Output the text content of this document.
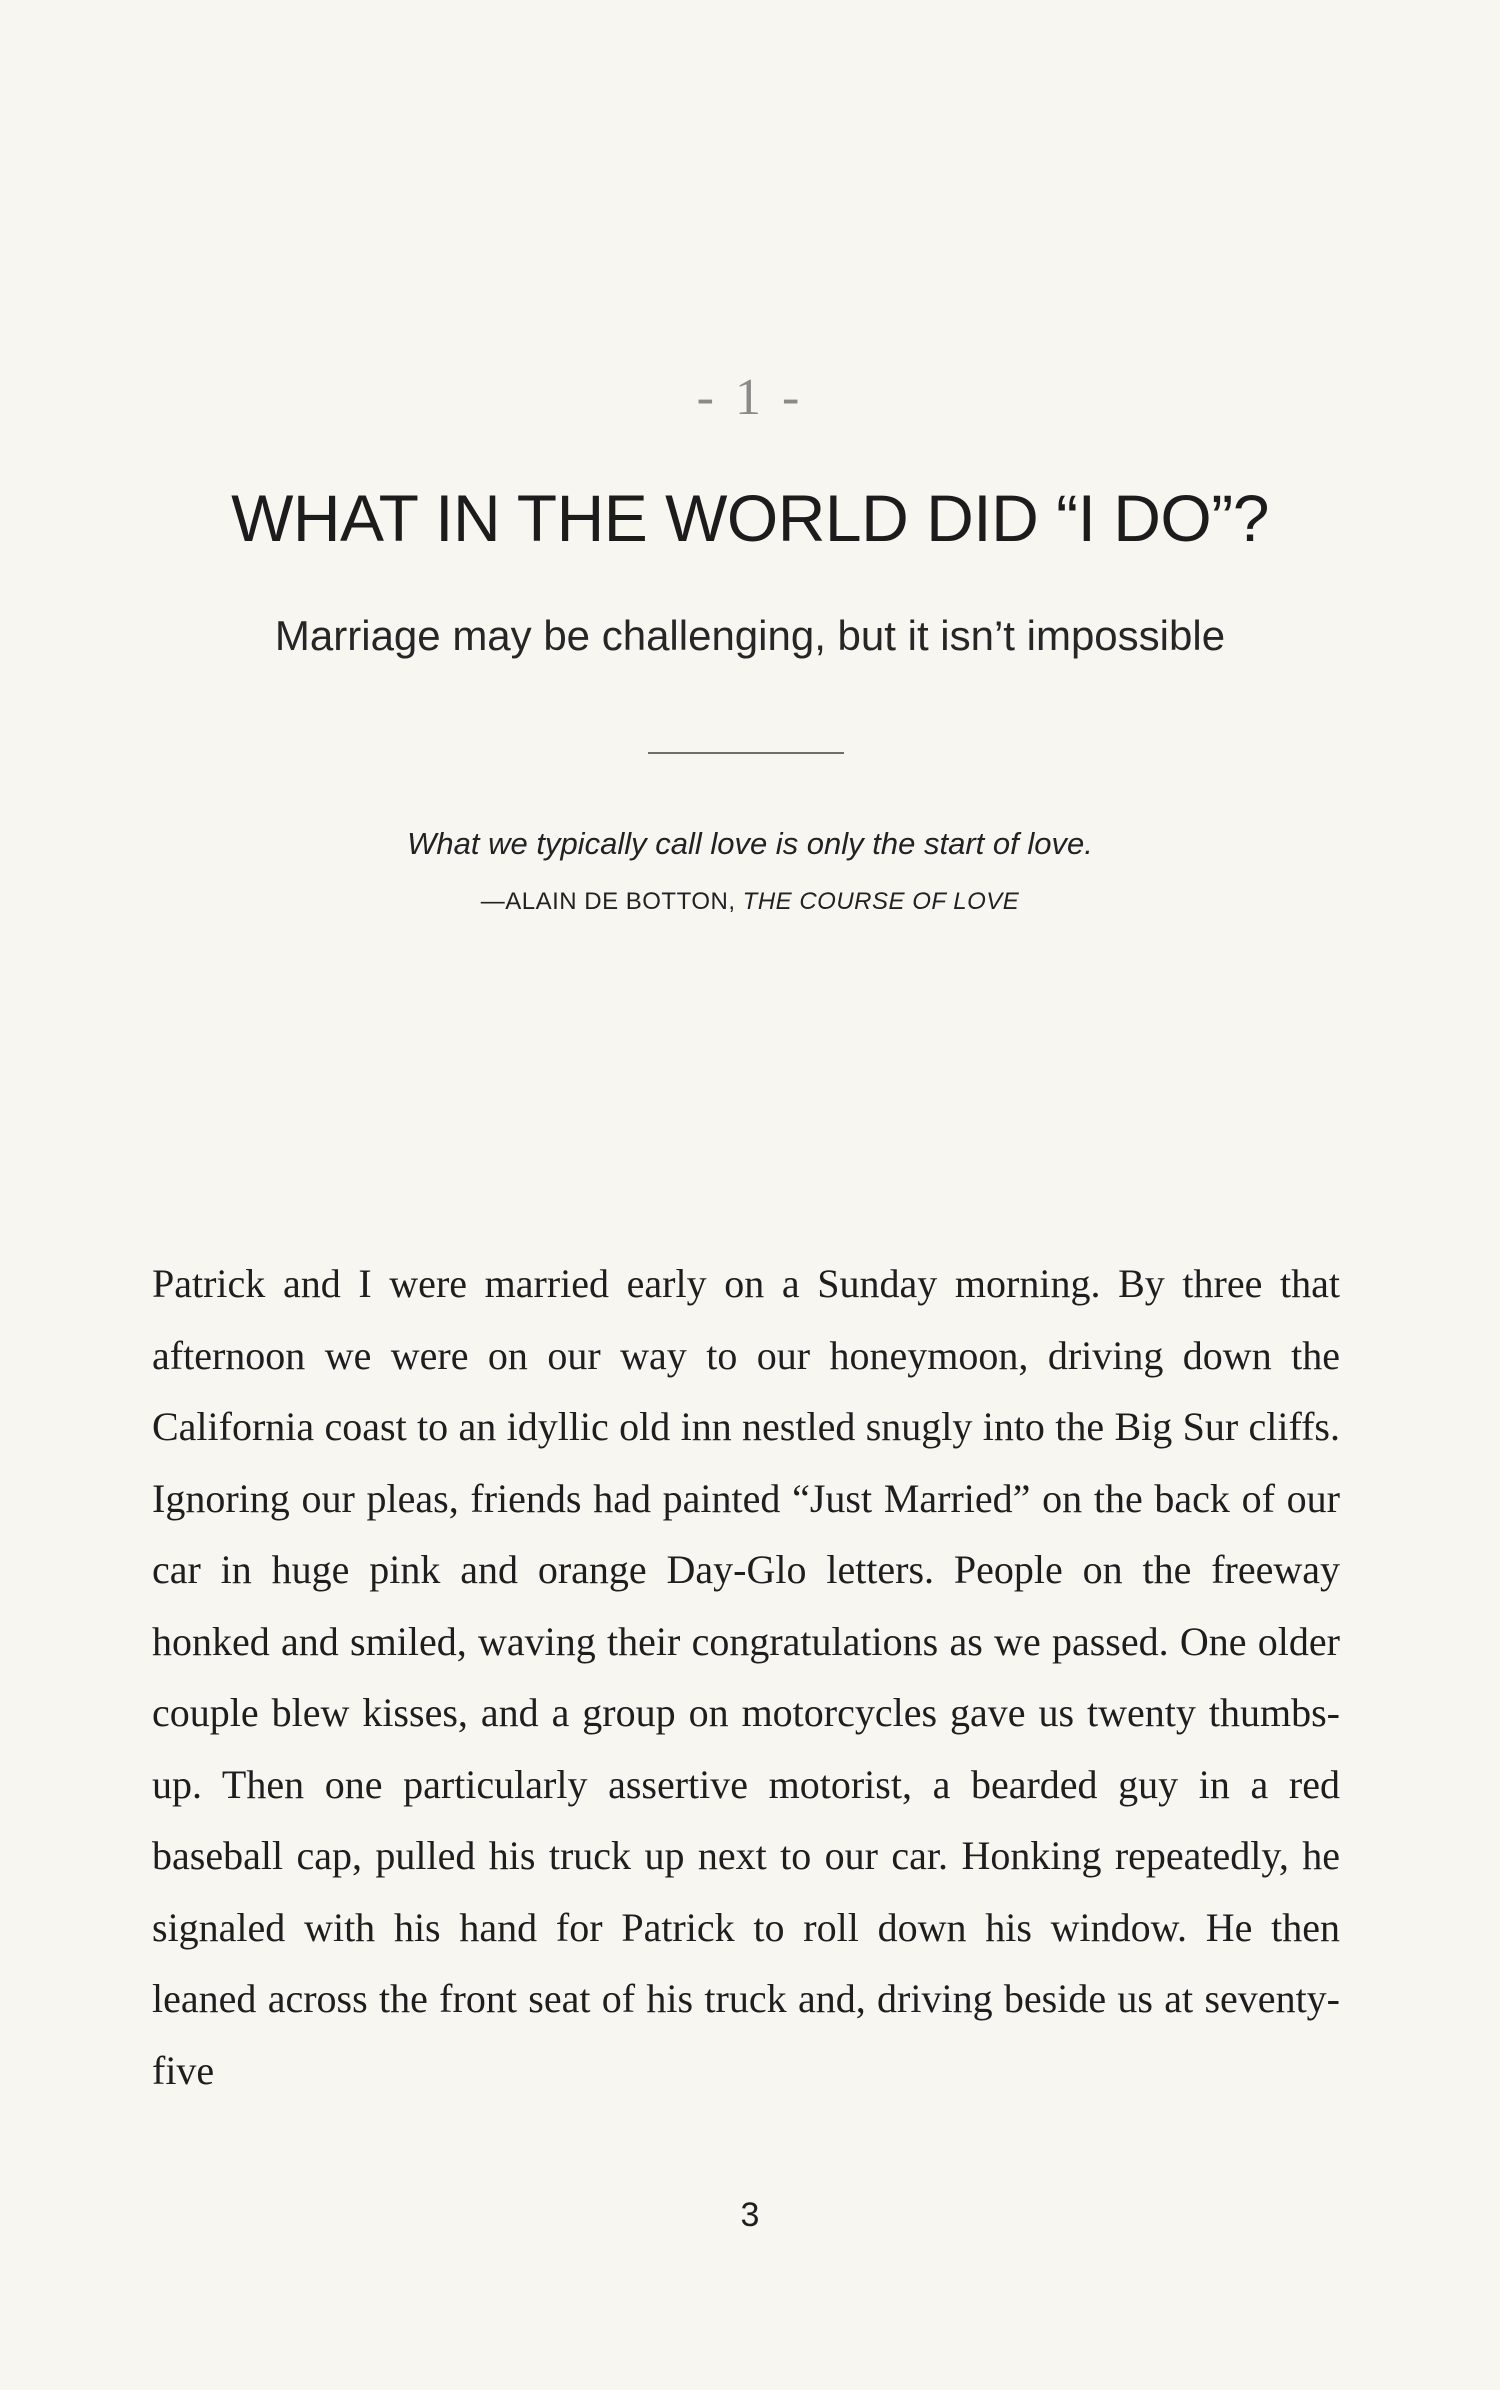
- 1 -
WHAT IN THE WORLD DID “I DO”?
Marriage may be challenging, but it isn’t impossible
What we typically call love is only the start of love.
—ALAIN DE BOTTON, THE COURSE OF LOVE

Patrick and I were married early on a Sunday morning. By three that afternoon we were on our way to our honeymoon, driving down the California coast to an idyllic old inn nestled snugly into the Big Sur cliffs. Ignoring our pleas, friends had painted “Just Married” on the back of our car in huge pink and orange Day-Glo letters. People on the freeway honked and smiled, waving their congratulations as we passed. One older couple blew kisses, and a group on motorcycles gave us twenty thumbs-up. Then one particularly assertive motorist, a bearded guy in a red baseball cap, pulled his truck up next to our car. Honking repeatedly, he signaled with his hand for Patrick to roll down his window. He then leaned across the front seat of his truck and, driving beside us at seventy-five

3
